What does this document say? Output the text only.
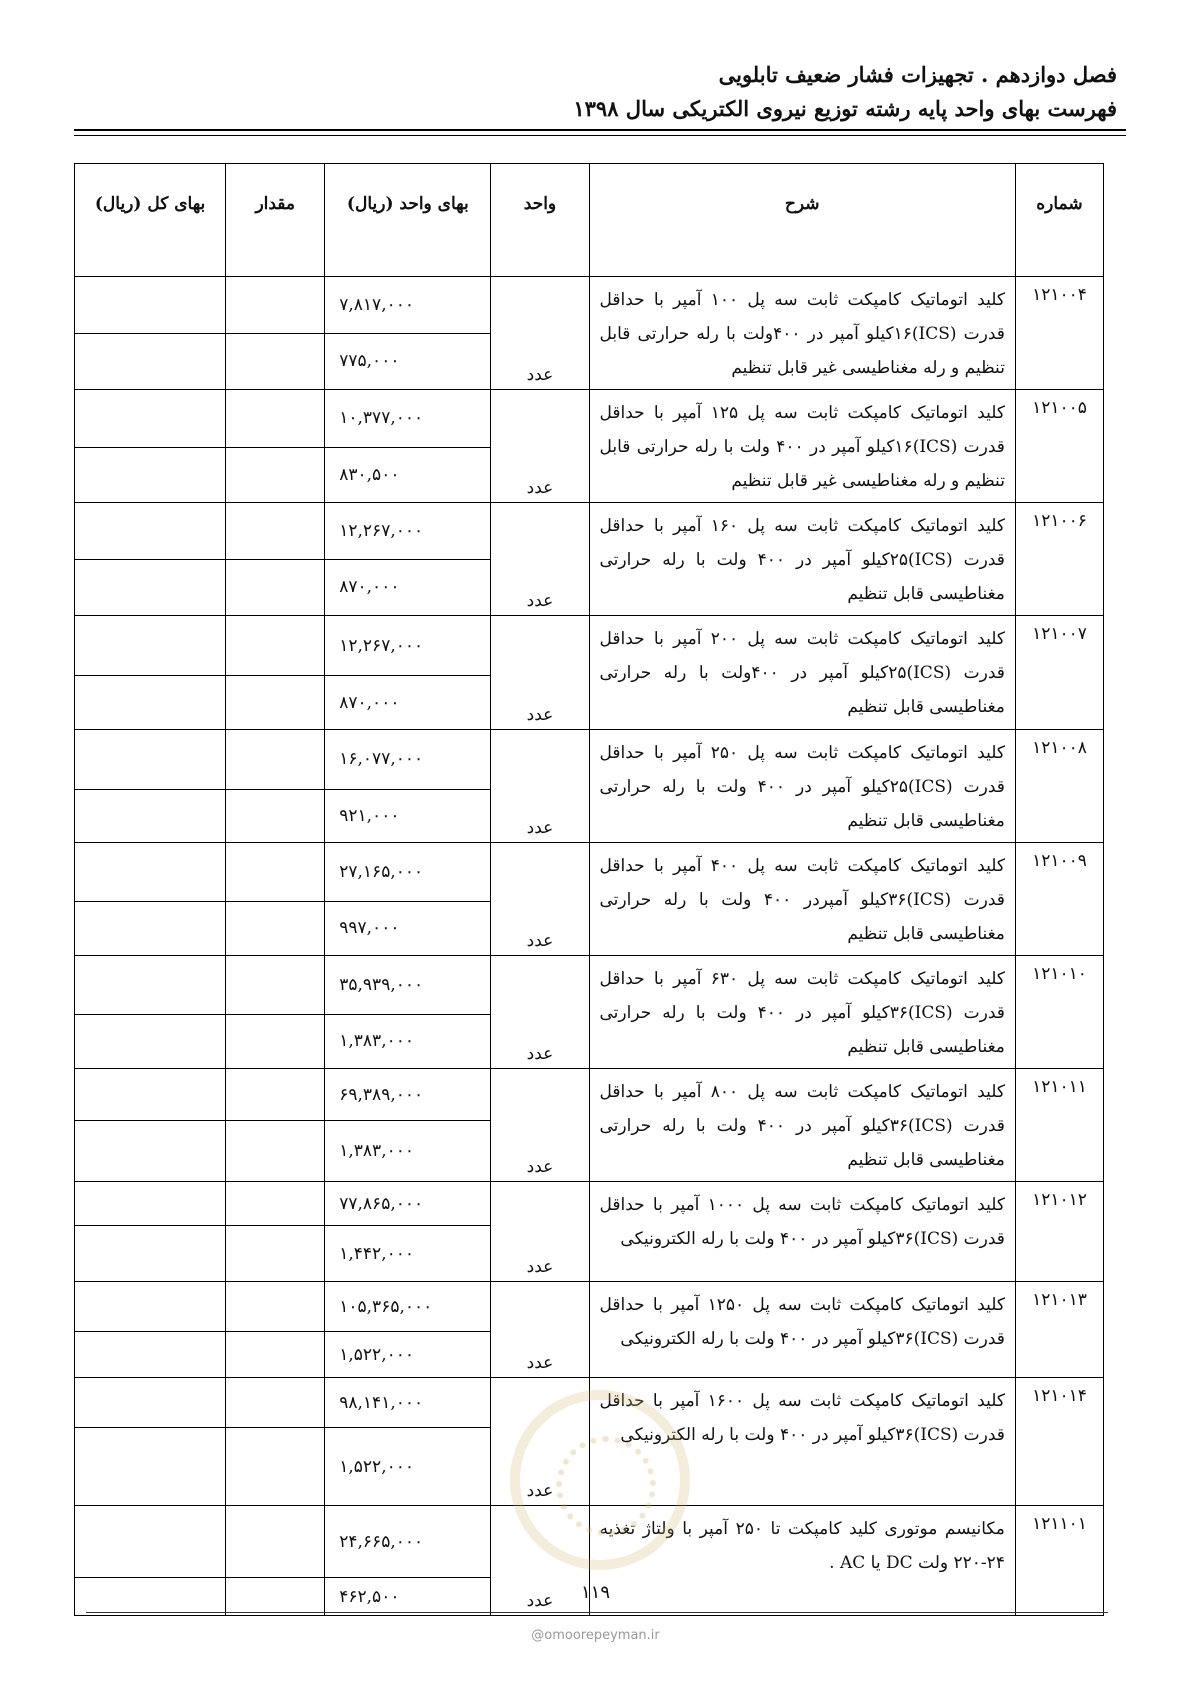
فصل دوازدهم . تجهیزات فشار ضعیف تابلویی
فهرست بهای واحد پایه رشته توزیع نیروی الکتریکی سال ۱۳۹۸
شماره	شرح	واحد	بهای واحد (ریال)	مقدار	بهای کل (ریال)
۱۲۱۰۰۴	کلید اتوماتیک کامپکت ثابت سه پل ۱۰۰ آمپر با حداقل قدرت (ICS)۱۶کیلو آمپر در ۴۰۰ولت با رله حرارتی قابل تنظیم و رله مغناطیسی غیر قابل تنظیم	عدد	۷,۸۱۷,۰۰۰		
			۷۷۵,۰۰۰		
۱۲۱۰۰۵	کلید اتوماتیک کامپکت ثابت سه پل ۱۲۵ آمپر با حداقل قدرت (ICS)۱۶کیلو آمپر در ۴۰۰ ولت با رله حرارتی قابل تنظیم و رله مغناطیسی غیر قابل تنظیم	عدد	۱۰,۳۷۷,۰۰۰		
			۸۳۰,۵۰۰		
۱۲۱۰۰۶	کلید اتوماتیک کامپکت ثابت سه پل ۱۶۰ آمپر با حداقل قدرت (ICS)۲۵کیلو آمپر در ۴۰۰ ولت با رله حرارتی مغناطیسی قابل تنظیم	عدد	۱۲,۲۶۷,۰۰۰		
			۸۷۰,۰۰۰		
۱۲۱۰۰۷	کلید اتوماتیک کامپکت ثابت سه پل ۲۰۰ آمپر با حداقل قدرت (ICS)۲۵کیلو آمپر در ۴۰۰ولت با رله حرارتی مغناطیسی قابل تنظیم	عدد	۱۲,۲۶۷,۰۰۰		
			۸۷۰,۰۰۰		
۱۲۱۰۰۸	کلید اتوماتیک کامپکت ثابت سه پل ۲۵۰ آمپر با حداقل قدرت (ICS)۲۵کیلو آمپر در ۴۰۰ ولت با رله حرارتی مغناطیسی قابل تنظیم	عدد	۱۶,۰۷۷,۰۰۰		
			۹۲۱,۰۰۰		
۱۲۱۰۰۹	کلید اتوماتیک کامپکت ثابت سه پل ۴۰۰ آمپر با حداقل قدرت (ICS)۳۶کیلو آمپردر ۴۰۰ ولت با رله حرارتی مغناطیسی قابل تنظیم	عدد	۲۷,۱۶۵,۰۰۰		
			۹۹۷,۰۰۰		
۱۲۱۰۱۰	کلید اتوماتیک کامپکت ثابت سه پل ۶۳۰ آمپر با حداقل قدرت (ICS)۳۶کیلو آمپر در ۴۰۰ ولت با رله حرارتی مغناطیسی قابل تنظیم	عدد	۳۵,۹۳۹,۰۰۰		
			۱,۳۸۳,۰۰۰		
۱۲۱۰۱۱	کلید اتوماتیک کامپکت ثابت سه پل ۸۰۰ آمپر با حداقل قدرت (ICS)۳۶کیلو آمپر در ۴۰۰ ولت با رله حرارتی مغناطیسی قابل تنظیم	عدد	۶۹,۳۸۹,۰۰۰		
			۱,۳۸۳,۰۰۰		
۱۲۱۰۱۲	کلید اتوماتیک کامپکت ثابت سه پل ۱۰۰۰ آمپر با حداقل قدرت (ICS)۳۶کیلو آمپر در ۴۰۰ ولت با رله الکترونیکی	عدد	۷۷,۸۶۵,۰۰۰		
			۱,۴۴۲,۰۰۰		
۱۲۱۰۱۳	کلید اتوماتیک کامپکت ثابت سه پل ۱۲۵۰ آمپر با حداقل قدرت (ICS)۳۶کیلو آمپر در ۴۰۰ ولت با رله الکترونیکی	عدد	۱۰۵,۳۶۵,۰۰۰		
			۱,۵۲۲,۰۰۰		
۱۲۱۰۱۴	کلید اتوماتیک کامپکت ثابت سه پل ۱۶۰۰ آمپر با حداقل قدرت (ICS)۳۶کیلو آمپر در ۴۰۰ ولت با رله الکترونیکی	عدد	۹۸,۱۴۱,۰۰۰		
			۱,۵۲۲,۰۰۰		
۱۲۱۱۰۱	مکانیسم موتوری کلید کامپکت تا ۲۵۰ آمپر با ولتاژ تغذیه ۲۴-۲۲۰ ولت DC یا AC .	عدد	۲۴,۶۶۵,۰۰۰		
			۴۶۲,۵۰۰			۱۱۹
@omoorepeyman.ir
